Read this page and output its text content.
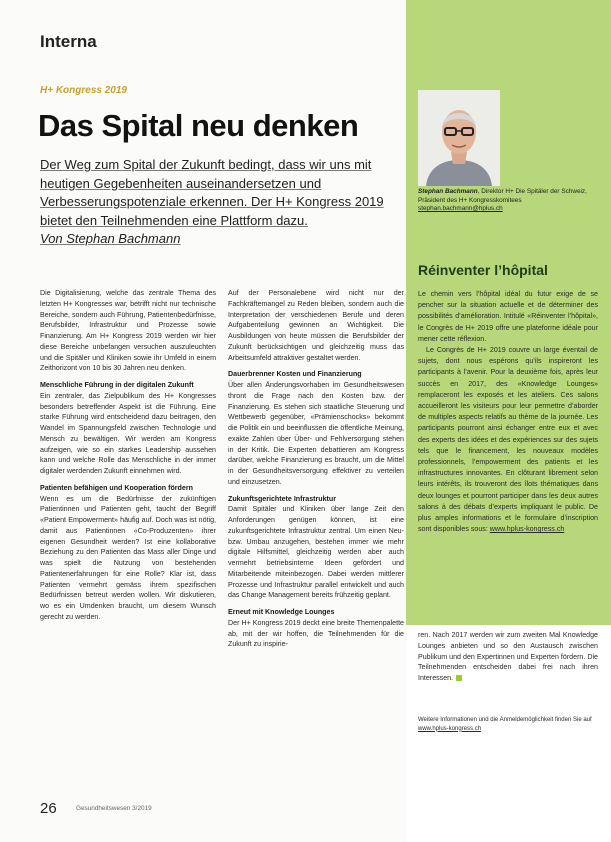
Interna
H+ Kongress 2019
Das Spital neu denken
Der Weg zum Spital der Zukunft bedingt, dass wir uns mit heutigen Gegebenheiten auseinandersetzen und Verbesserungspotenziale erkennen. Der H+ Kongress 2019 bietet den Teilnehmenden eine Plattform dazu.
Von Stephan Bachmann

Die Digitalisierung, welche das zentrale Thema des letzten H+ Kongresses war, betrifft nicht nur technische Bereiche, sondern auch Führung, Patientenbedürfnisse, Berufsbilder, Infrastruktur und Prozesse sowie Finanzierung. Am H+ Kongress 2019 werden wir hier diese Bereiche unbefangen versuchen auszuleuchten und die Spitäler und Kliniken sowie ihr Umfeld in einem Zeithorizont von 10 bis 30 Jahren neu denken.

Menschliche Führung in der digitalen Zukunft

Ein zentraler, das Zielpublikum des H+ Kongresses besonders betreffender Aspekt ist die Führung. Eine starke Führung wird entscheidend dazu beitragen, den Wandel im Spannungsfeld zwischen Technologie und Mensch zu bewältigen. Wir werden am Kongress aufzeigen, wie so ein starkes Leadership aussehen kann und welche Rolle das Menschliche in der immer digitaler werdenden Zukunft einnehmen wird.

Patienten befähigen und Kooperation fördern

Wenn es um die Bedürfnisse der zukünftigen Patientinnen und Patienten geht, taucht der Begriff «Patient Empowerment» häufig auf. Doch was ist nötig, damit aus Patientinnen «Co-Produzenten» ihrer eigenen Gesundheit werden? Ist eine kollaborative Beziehung zu den Patienten das Mass aller Dinge und was spielt die Nutzung von bestehenden Patientenerfahrungen für eine Rolle? Klar ist, dass Patienten vermehrt gemäss ihrem spezifischen Bedürfnissen betreut werden wollen. Wir diskutieren, wo es ein Umdenken braucht, um diesem Wunsch gerecht zu werden.

Auf der Personalebene wird nicht nur der Fachkräftemangel zu Reden bleiben, sondern auch die Interpretation der verschiedenen Berufe und deren Aufgabenteilung gewinnen an Wichtigkeit. Die Ausbildungen von heute müssen die Berufsbilder der Zukunft berücksichtigen und gleichzeitig muss das Arbeitsumfeld attraktiver gestaltet werden.

Dauerbrenner Kosten und Finanzierung

Über allen Änderungsvorhaben im Gesundheitswesen thront die Frage nach den Kosten bzw. der Finanzierung. Es stehen sich staatliche Steuerung und Wettbewerb gegenüber, «Prämienschocks» bekommt die Politik ein und beeinflussen die öffentliche Meinung, exakte Zahlen über Über- und Fehlversorgung stehen in der Kritik. Die Experten debattieren am Kongress darüber, welche Finanzierung es braucht, um die Mittel in der Gesundheitsversorgung effektiver zu verteilen und einzusetzen.

Zukunftsgerichtete Infrastruktur

Damit Spitäler und Kliniken über lange Zeit den Anforderungen genügen können, ist eine zukunftsgerichtete Infrastruktur zentral. Um einen Neu- bzw. Umbau anzugehen, bestehen immer wie mehr digitale Hilfsmittel, gleichzeitig werden aber auch vermehrt betriebsinterne Ideen gefördert und Mitarbeitende miteinbezogen. Dabei werden mittlerer Prozesse und Infrastruktur parallel entwickelt und auch das Change Management bereits frühzeitig geplant.

Erneut mit Knowledge Lounges

Der H+ Kongress 2019 deckt eine breite Themenpalette ab, mit der wir hoffen, die Teilnehmenden für die Zukunft zu inspirie-

Stephan Bachmann, Direktor H+ Die Spitäler der Schweiz, Präsident des H+ Kongresskomitees
stephan.bachmann@hplus.ch
Réinventer l’hôpital

Le chemin vers l’hôpital idéal du futur exige de se pencher sur la situation actuelle et de déterminer des possibilités d’amélioration. Intitulé «Réinventer l’hôpital», le Congrès de H+ 2019 offre une plateforme idéale pour mener cette réflexion.

Le Congrès de H+ 2019 couvre un large éventail de sujets, dont nous espérons qu’ils inspireront les participants à l’avenir. Pour la deuxième fois, après leur succès en 2017, des «Knowledge Lounges» remplaceront les exposés et les ateliers. Ces salons accueilleront les visiteurs pour leur permettre d’aborder de multiples aspects relatifs au thème de la journée. Les participants pourront ainsi échanger entre eux et avec des experts des idées et des expériences sur des sujets tels que le financement, les nouveaux modèles professionnels, l’empowerment des patients et les infrastructures innovantes. En clôturant librement selon leurs intérêts, ils trouveront des îlots thématiques dans deux lounges et pourront participer dans les deux autres salons à des débats d’experts impliquant le public. De plus amples informations et le formulaire d’inscription sont disponibles sous: www.hplus-kongress.ch

ren. Nach 2017 werden wir zum zweiten Mal Knowledge Lounges anbieten und so den Austausch zwischen Publikum und den Expertinnen und Experten fördern. Die Teilnehmenden entscheiden dabei frei nach ihren Interessen.
Weitere Informationen und die Anmeldemöglichkeit finden Sie auf www.hplus-kongress.ch
26	Gesundheitswesen 3/2019
